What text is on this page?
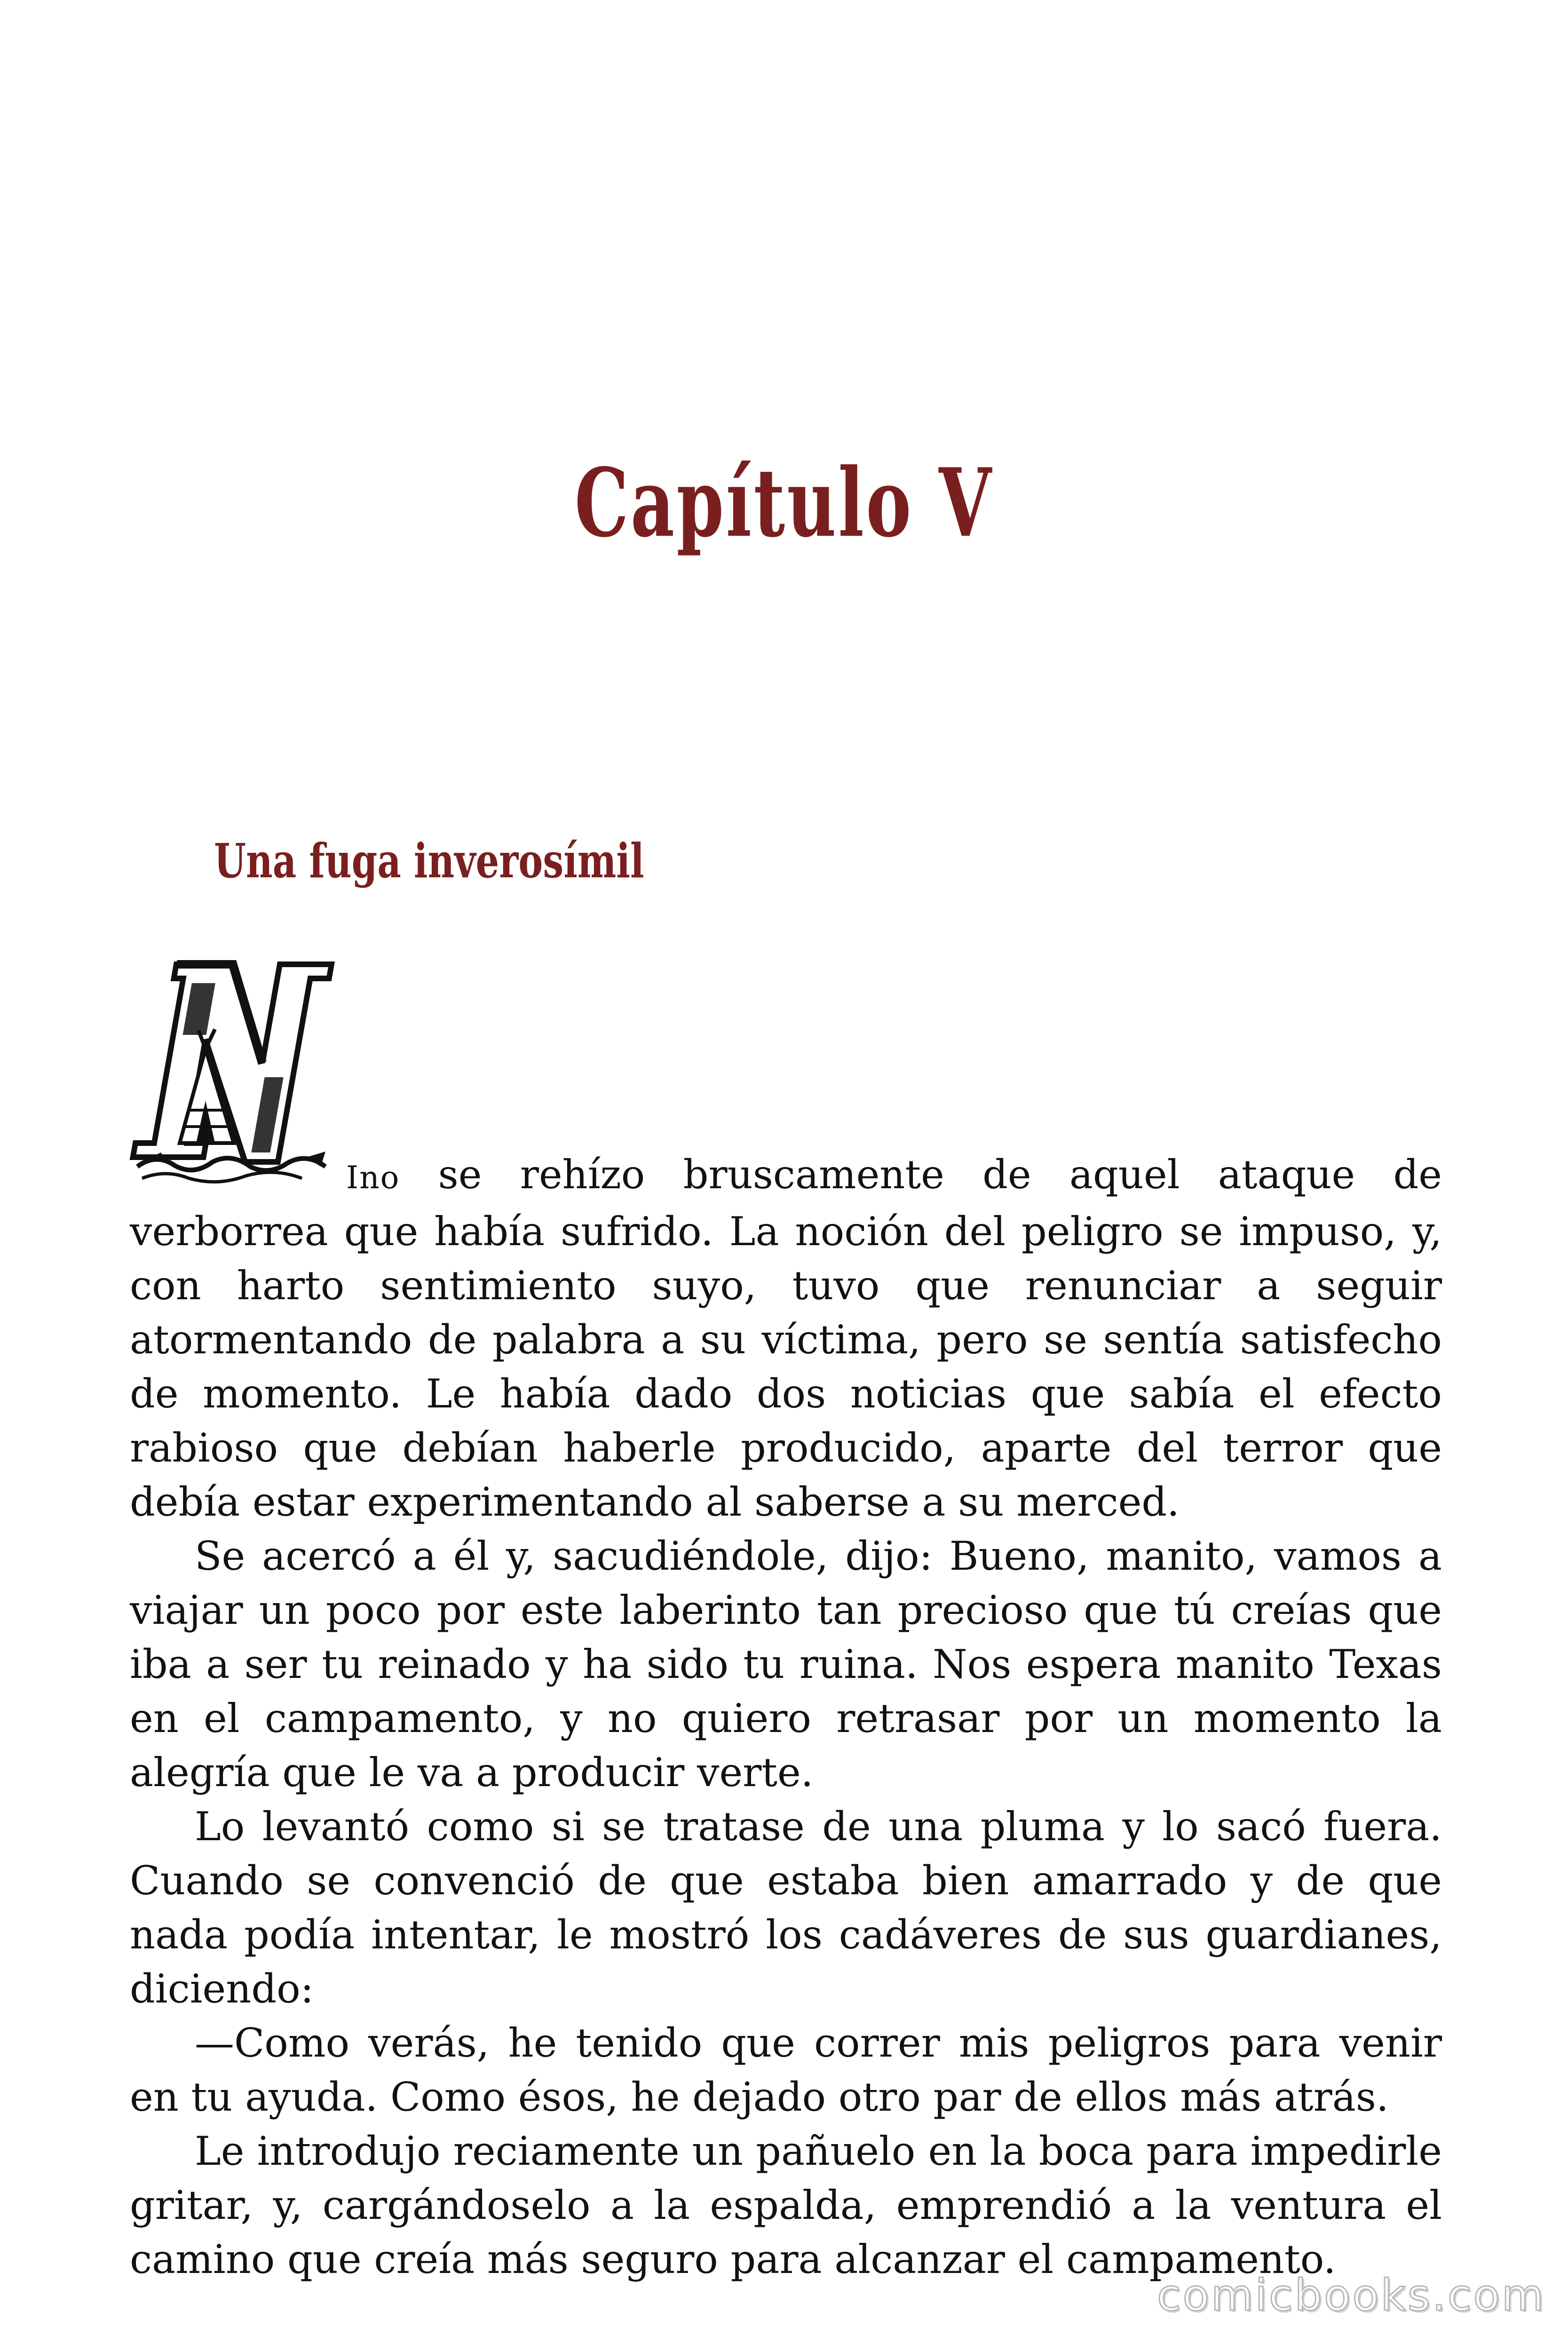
Capítulo V
Una fuga inverosímil

Ino se rehízo bruscamente de aquel ataque de verborrea que había sufrido. La noción del peligro se impuso, y, con harto sentimiento suyo, tuvo que renunciar a seguir atormentando de palabra a su víctima, pero se sentía satisfecho de momento. Le había dado dos noticias que sabía el efecto rabioso que debían haberle producido, aparte del terror que debía estar experimentando al saberse a su merced.

Se acercó a él y, sacudiéndole, dijo: Bueno, manito, vamos a viajar un poco por este laberinto tan precioso que tú creías que iba a ser tu reinado y ha sido tu ruina. Nos espera manito Texas en el campamento, y no quiero retrasar por un momento la alegría que le va a producir verte.

Lo levantó como si se tratase de una pluma y lo sacó fuera. Cuando se convenció de que estaba bien amarrado y de que nada podía intentar, le mostró los cadáveres de sus guardianes, diciendo:

—Como verás, he tenido que correr mis peligros para venir en tu ayuda. Como ésos, he dejado otro par de ellos más atrás.

Le introdujo reciamente un pañuelo en la boca para impedirle gritar, y, cargándoselo a la espalda, emprendió a la ventura el camino que creía más seguro para alcanzar el campamento.

comicbooks.com
